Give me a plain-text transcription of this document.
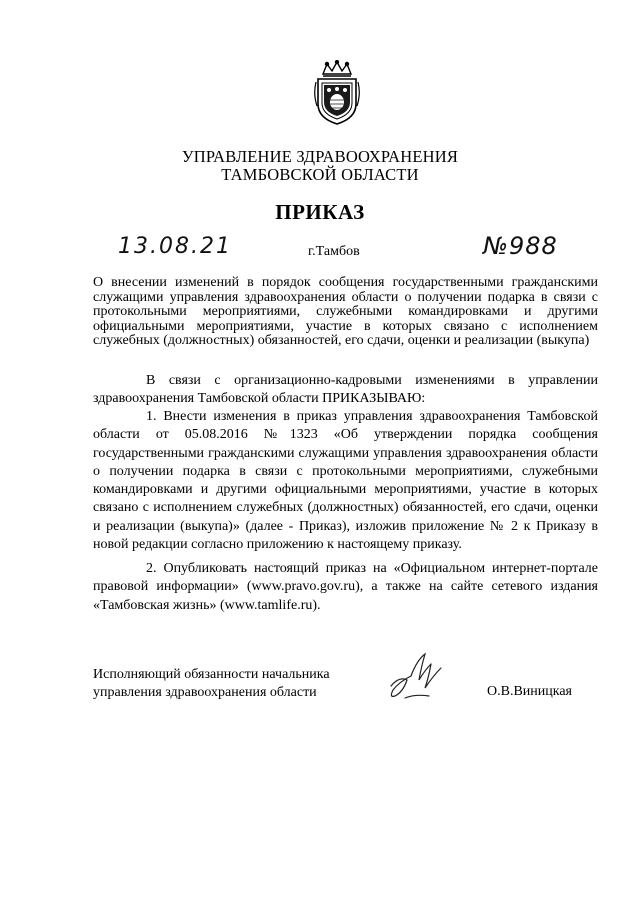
УПРАВЛЕНИЕ ЗДРАВООХРАНЕНИЯ
ТАМБОВСКОЙ ОБЛАСТИ
ПРИКАЗ
13.08.21	г.Тамбов	№988
О внесении изменений в порядок сообщения государственными гражданскими служащими управления здравоохранения области о получении подарка в связи с протокольными мероприятиями, служебными командировками и другими официальными мероприятиями, участие в которых связано с исполнением служебных (должностных) обязанностей, его сдачи, оценки и реализации (выкупа)
В связи с организационно-кадровыми изменениями в управлении здравоохранения Тамбовской области ПРИКАЗЫВАЮ:
1. Внести изменения в приказ управления здравоохранения Тамбовской области от 05.08.2016 №1323 «Об утверждении порядка сообщения государственными гражданскими служащими управления здравоохранения области о получении подарка в связи с протокольными мероприятиями, служебными командировками и другими официальными мероприятиями, участие в которых связано с исполнением служебных (должностных) обязанностей, его сдачи, оценки и реализации (выкупа)» (далее - Приказ), изложив приложение № 2 к Приказу в новой редакции согласно приложению к настоящему приказу.
2. Опубликовать настоящий приказ на «Официальном интернет-портале правовой информации» (www.pravo.gov.ru), а также на сайте сетевого издания «Тамбовская жизнь» (www.tamlife.ru).
Исполняющий обязанности начальника
управления здравоохранения области	О.В.Виницкая
